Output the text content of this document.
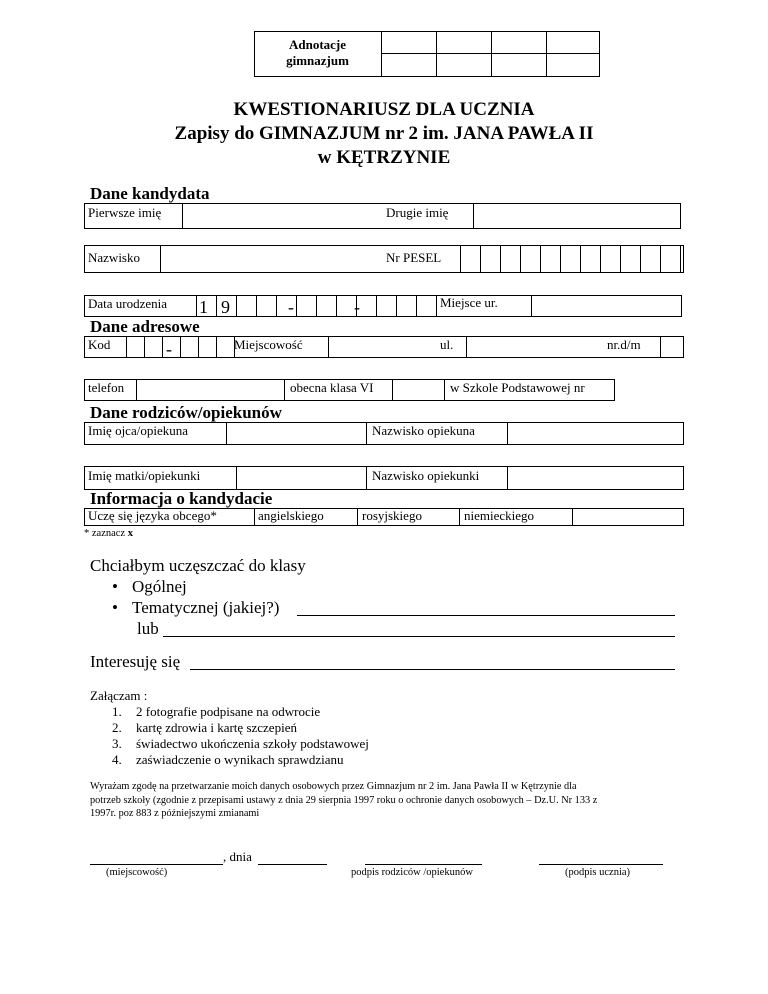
Adnotacje
gimnazjum
KWESTIONARIUSZ DLA UCZNIA
Zapisy do GIMNAZJUM nr 2 im. JANA PAWŁA II
w KĘTRZYNIE
Dane kandydata
Pierwsze imię	Drugie imię
Nazwisko	Nr PESEL
Data urodzenia 1 9	-	-	Miejsce ur.
Dane adresowe
Kod	-	Miejscowość	ul.	nr.d/m
telefon	obecna klasa VI	w Szkole Podstawowej nr
Dane rodziców/opiekunów
Imię ojca/opiekuna	Nazwisko opiekuna
Imię matki/opiekunki	Nazwisko opiekunki
Informacja o kandydacie
Uczę się języka obcego*	angielskiego	rosyjskiego	niemieckiego
* zaznacz x
Chciałbym uczęszczać do klasy
• Ogólnej
• Tematycznej (jakiej?)
lub
Interesuję się
Załączam :
1. 2 fotografie podpisane na odwrocie
2. kartę zdrowia i kartę szczepień
3. świadectwo ukończenia szkoły podstawowej
4. zaświadczenie o wynikach sprawdzianu
Wyrażam zgodę na przetwarzanie moich danych osobowych przez Gimnazjum nr 2 im. Jana Pawła II w Kętrzynie dla
potrzeb szkoły (zgodnie z przepisami ustawy z dnia 29 sierpnia 1997 roku o ochronie danych osobowych – Dz.U. Nr 133 z
1997r. poz 883 z późniejszymi zmianami
, dnia
(miejscowość)	podpis rodziców /opiekunów	(podpis ucznia)
